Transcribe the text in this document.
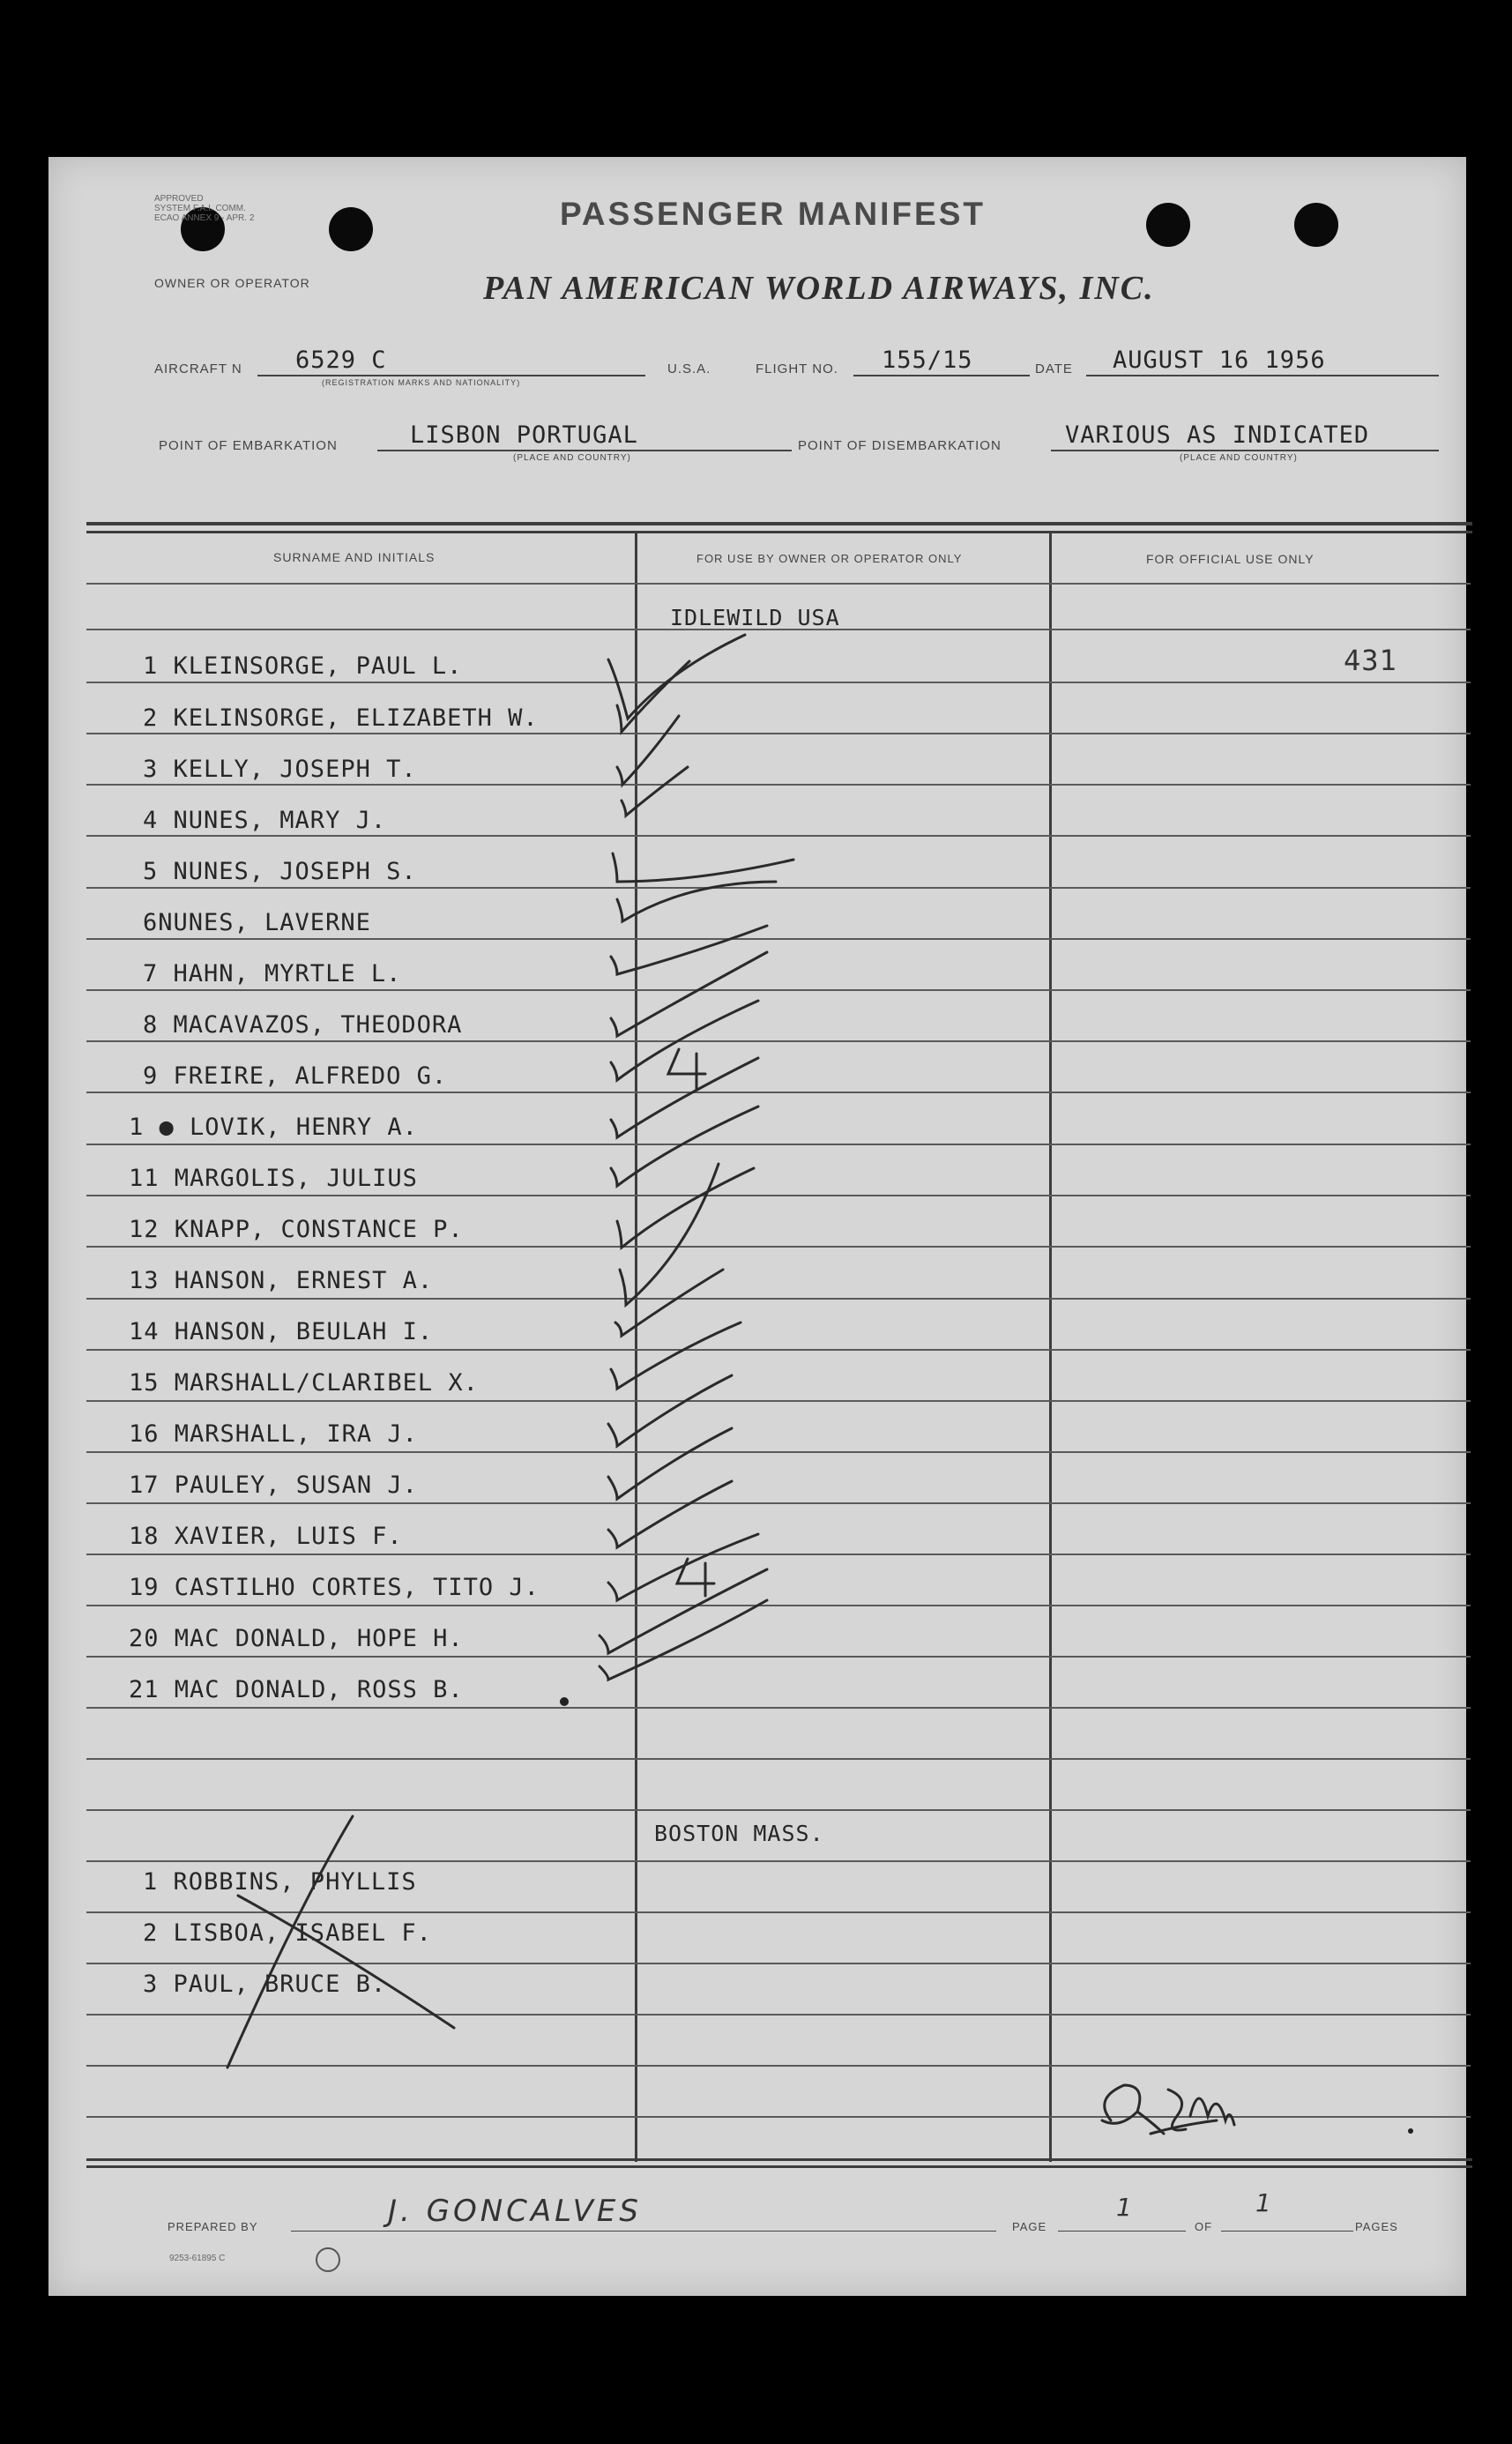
APPROVED
SYSTEM F.A.I. COMM.
ECAO ANNEX 9 - APR. 2	PASSENGER MANIFEST
OWNER OR OPERATOR	PAN AMERICAN WORLD AIRWAYS, INC.
AIRCRAFT N 6529 C
(REGISTRATION MARKS AND NATIONALITY)
U.S.A.	FLIGHT NO. 155/15	DATE AUGUST 16 1956
POINT OF EMBARKATION	LISBON PORTUGAL
(PLACE AND COUNTRY)
POINT OF DISEMBARKATION	VARIOUS AS INDICATED
(PLACE AND COUNTRY)
SURNAME AND INITIALS	FOR USE BY OWNER OR OPERATOR ONLY	FOR OFFICIAL USE ONLY
IDLEWILD USA
431
1 KLEINSORGE, PAUL L.
2 KELINSORGE, ELIZABETH W.
3 KELLY, JOSEPH T.
4 NUNES, MARY J.
5 NUNES, JOSEPH S.
6NUNES, LAVERNE
7 HAHN, MYRTLE L.
8 MACAVAZOS, THEODORA
9 FREIRE, ALFREDO G.
1 ● LOVIK, HENRY A.
11 MARGOLIS, JULIUS
12 KNAPP, CONSTANCE P.
13 HANSON, ERNEST A.
14 HANSON, BEULAH I.
15 MARSHALL/CLARIBEL X.
16 MARSHALL, IRA J.
17 PAULEY, SUSAN J.
18 XAVIER, LUIS F.
19 CASTILHO CORTES, TITO J.
20 MAC DONALD, HOPE H.
21 MAC DONALD, ROSS B.
BOSTON MASS.
1 ROBBINS, PHYLLIS
2 LISBOA, ISABEL F.
3 PAUL, BRUCE B.
PREPARED BY	J. GONCALVES	PAGE
1
OF
1
PAGES
9253-61895 C
